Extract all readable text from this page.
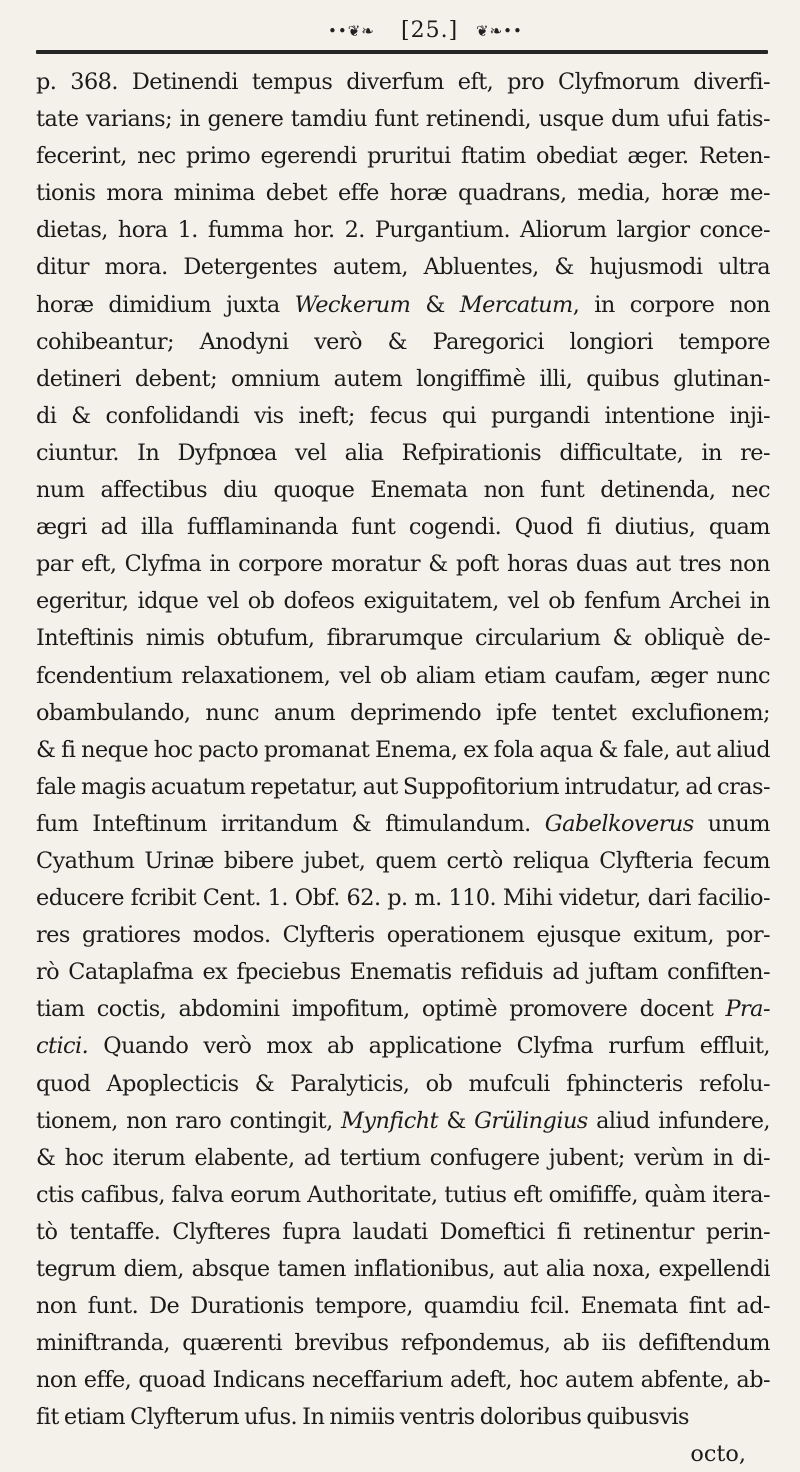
••❦❧ [25.] ❦❧••
p. 368. Detinendi tempus diverfum eft, pro Clyfmorum diverfi-
tate varians; in genere tamdiu funt retinendi, usque dum ufui fatis-
fecerint, nec primo egerendi pruritui ftatim obediat æger. Reten-
tionis mora minima debet effe horæ quadrans, media, horæ me-
dietas, hora 1. fumma hor. 2. Purgantium. Aliorum largior conce-
ditur mora. Detergentes autem, Abluentes, & hujusmodi ultra
horæ dimidium juxta Weckerum & Mercatum, in corpore non
cohibeantur; Anodyni verò & Paregorici longiori tempore
detineri debent; omnium autem longiffimè illi, quibus glutinan-
di & confolidandi vis ineft; fecus qui purgandi intentione inji-
ciuntur. In Dyfpnœa vel alia Refpirationis difficultate, in re-
num affectibus diu quoque Enemata non funt detinenda, nec
ægri ad illa fufflaminanda funt cogendi. Quod fi diutius, quam
par eft, Clyfma in corpore moratur & poft horas duas aut tres non
egeritur, idque vel ob dofeos exiguitatem, vel ob fenfum Archei in
Inteftinis nimis obtufum, fibrarumque circularium & obliquè de-
fcendentium relaxationem, vel ob aliam etiam caufam, æger nunc
obambulando, nunc anum deprimendo ipfe tentet exclufionem;
& fi neque hoc pacto promanat Enema, ex fola aqua & fale, aut aliud
fale magis acuatum repetatur, aut Suppofitorium intrudatur, ad cras-
fum Inteftinum irritandum & ftimulandum. Gabelkoverus unum
Cyathum Urinæ bibere jubet, quem certò reliqua Clyfteria fecum
educere fcribit Cent. 1. Obf. 62. p. m. 110. Mihi videtur, dari facilio-
res gratiores modos. Clyfteris operationem ejusque exitum, por-
rò Cataplafma ex fpeciebus Enematis refiduis ad juftam confiften-
tiam coctis, abdomini impofitum, optimè promovere docent Pra-
ctici. Quando verò mox ab applicatione Clyfma rurfum effluit,
quod Apoplecticis & Paralyticis, ob mufculi fphincteris refolu-
tionem, non raro contingit, Mynficht & Grülingius aliud infundere,
& hoc iterum elabente, ad tertium confugere jubent; verùm in di-
ctis cafibus, falva eorum Authoritate, tutius eft omififfe, quàm itera-
tò tentaffe. Clyfteres fupra laudati Domeftici fi retinentur perin-
tegrum diem, absque tamen inflationibus, aut alia noxa, expellendi
non funt. De Durationis tempore, quamdiu fcil. Enemata fint ad-
miniftranda, quærenti brevibus refpondemus, ab iis defiftendum
non effe, quoad Indicans neceffarium adeft, hoc autem abfente, ab-
fit etiam Clyfterum ufus. In nimiis ventris doloribus quibusvis
octo,
